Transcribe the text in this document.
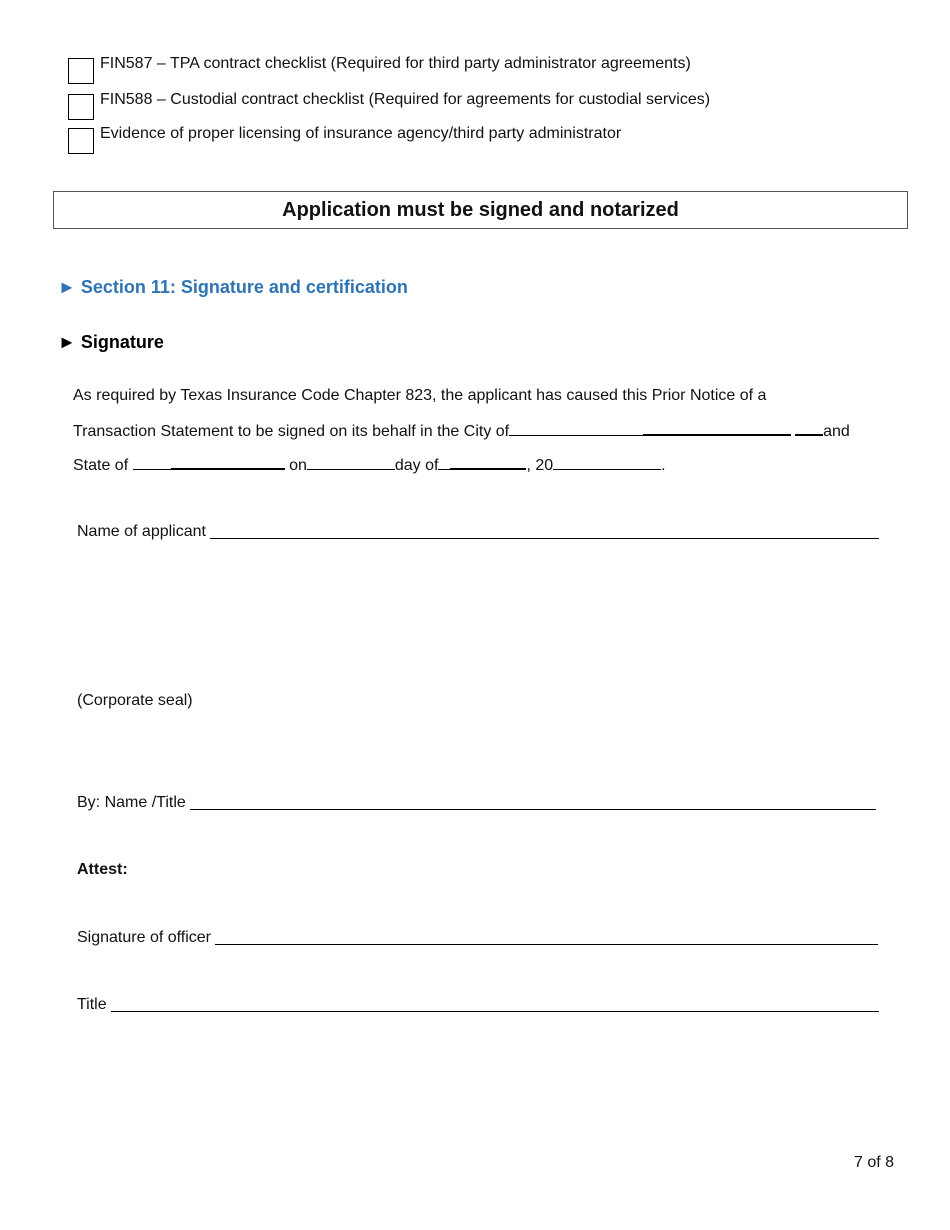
FIN587 – TPA contract checklist (Required for third party administrator agreements)
FIN588 – Custodial contract checklist (Required for agreements for custodial services)
Evidence of proper licensing of insurance agency/third party administrator
Application must be signed and notarized
► Section 11: Signature and certification
► Signature
As required by Texas Insurance Code Chapter 823, the applicant has caused this Prior Notice of a
Transaction Statement to be signed on its behalf in the City of	and
State of	on	day of	, 20	.
Name of applicant
(Corporate seal)
By: Name /Title
Attest:
Signature of officer
Title
7 of 8
